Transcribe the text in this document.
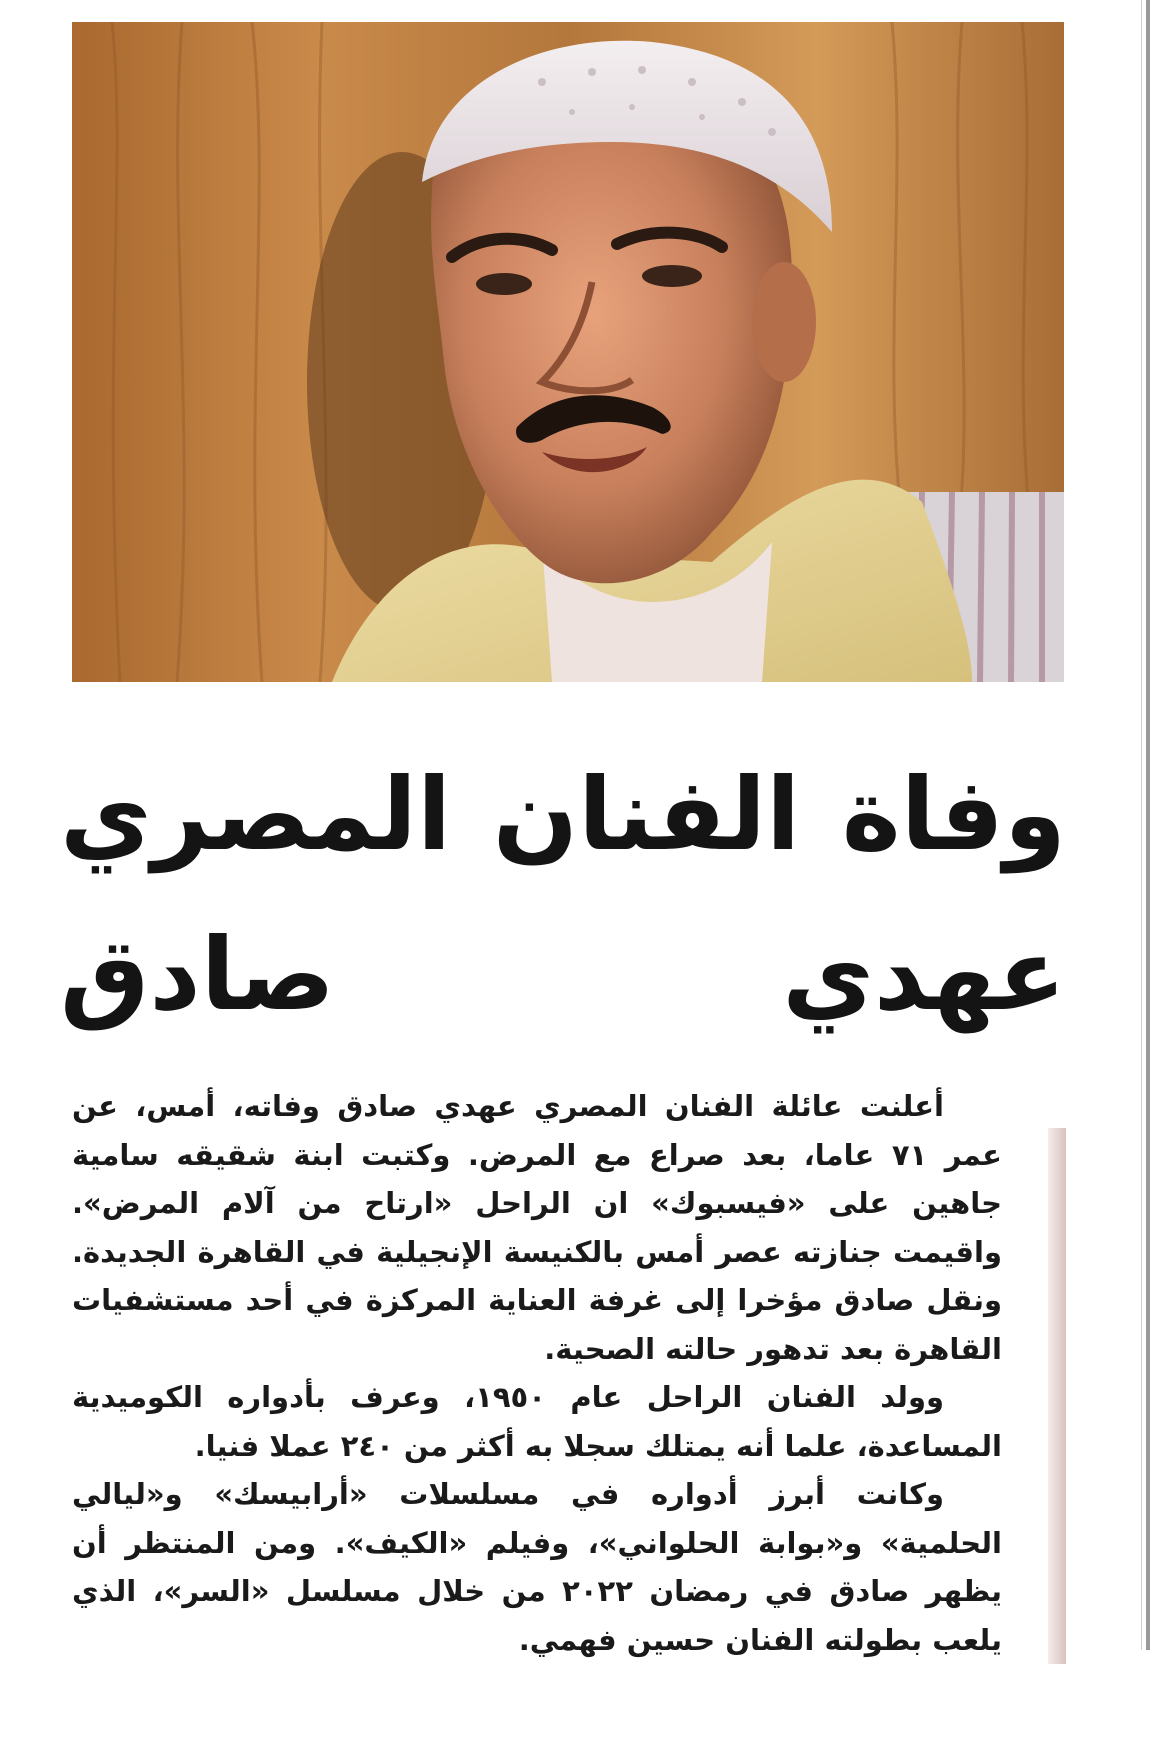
وفاة الفنان المصري
عهدي صادق

أعلنت عائلة الفنان المصري عهدي صادق وفاته، أمس، عن عمر ٧١ عاما، بعد صراع مع المرض. وكتبت ابنة شقيقه سامية جاهين على «فيسبوك» ان الراحل «ارتاح من آلام المرض». واقيمت جنازته عصر أمس بالكنيسة الإنجيلية في القاهرة الجديدة. ونقل صادق مؤخرا إلى غرفة العناية المركزة في أحد مستشفيات القاهرة بعد تدهور حالته الصحية.

وولد الفنان الراحل عام ١٩٥٠، وعرف بأدواره الكوميدية المساعدة، علما أنه يمتلك سجلا به أكثر من ٢٤٠ عملا فنيا.

وكانت أبرز أدواره في مسلسلات «أرابيسك» و«ليالي الحلمية» و«بوابة الحلواني»، وفيلم «الكيف». ومن المنتظر أن يظهر صادق في رمضان ٢٠٢٢ من خلال مسلسل «السر»، الذي يلعب بطولته الفنان حسين فهمي.
